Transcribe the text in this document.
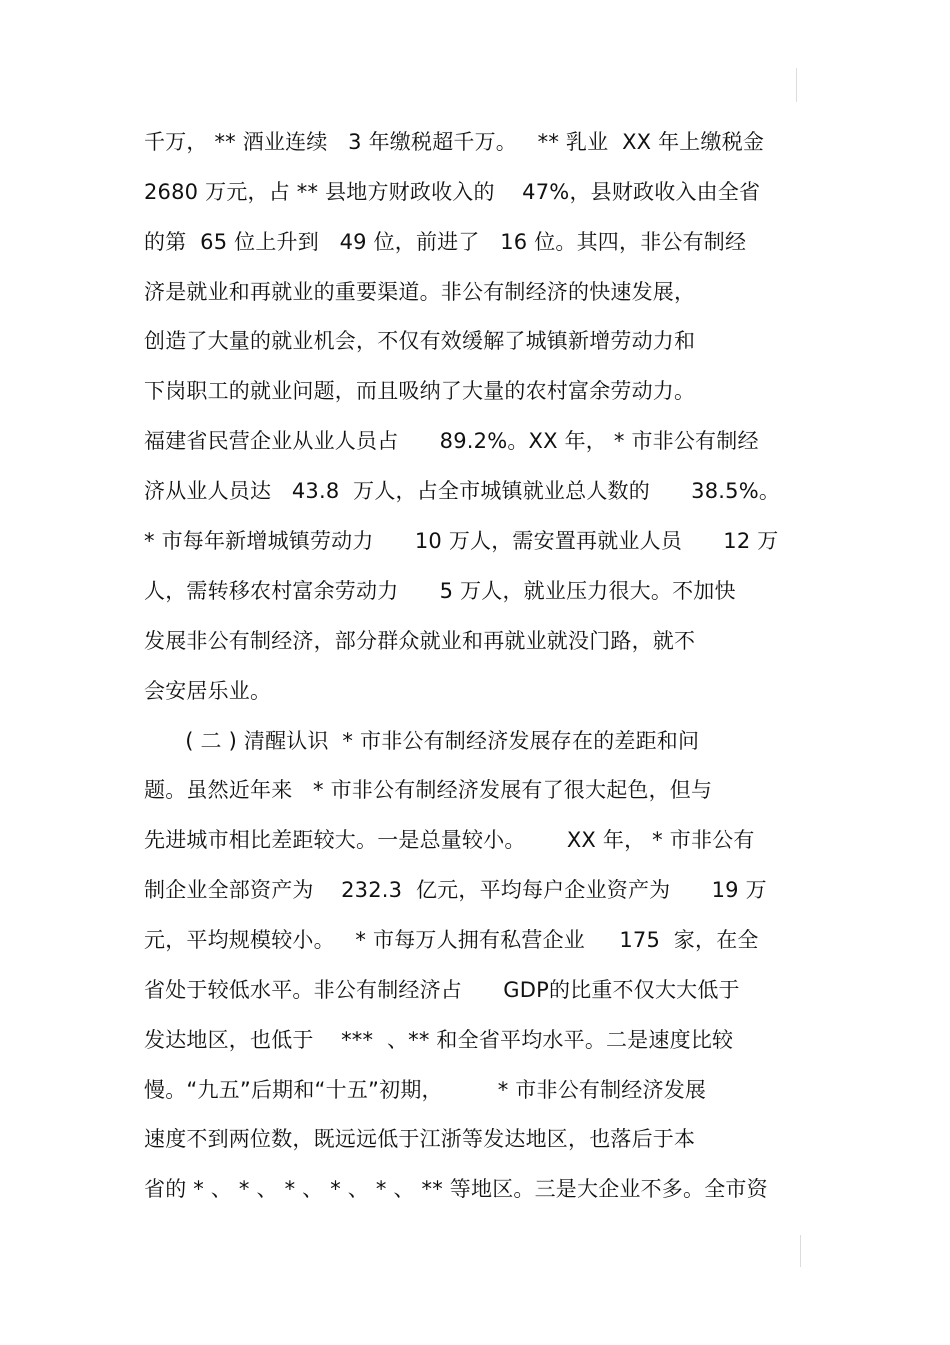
千万， ** 酒业连续   3 年缴税超千万。   ** 乳业  XX 年上缴税金
2680 万元，占 ** 县地方财政收入的    47%，县财政收入由全省
的第  65 位上升到   49 位，前进了   16 位。其四，非公有制经
济是就业和再就业的重要渠道。非公有制经济的快速发展，
创造了大量的就业机会，不仅有效缓解了城镇新增劳动力和
下岗职工的就业问题，而且吸纳了大量的农村富余劳动力。
福建省民营企业从业人员占      89.2%。XX 年， * 市非公有制经
济从业人员达   43.8  万人，占全市城镇就业总人数的      38.5%。
* 市每年新增城镇劳动力      10 万人，需安置再就业人员      12 万
人，需转移农村富余劳动力      5 万人，就业压力很大。不加快
发展非公有制经济，部分群众就业和再就业就没门路，就不
会安居乐业。
( 二 ) 清醒认识  * 市非公有制经济发展存在的差距和问
题。虽然近年来   * 市非公有制经济发展有了很大起色，但与
先进城市相比差距较大。一是总量较小。      XX 年， * 市非公有
制企业全部资产为    232.3  亿元，平均每户企业资产为      19 万
元，平均规模较小。   * 市每万人拥有私营企业     175  家，在全
省处于较低水平。非公有制经济占      GDP的比重不仅大大低于
发达地区，也低于    ***  、** 和全省平均水平。二是速度比较
慢。“九五”后期和“十五”初期，        * 市非公有制经济发展
速度不到两位数，既远远低于江浙等发达地区，也落后于本
省的 * 、 * 、 * 、 * 、 * 、 ** 等地区。三是大企业不多。全市资
